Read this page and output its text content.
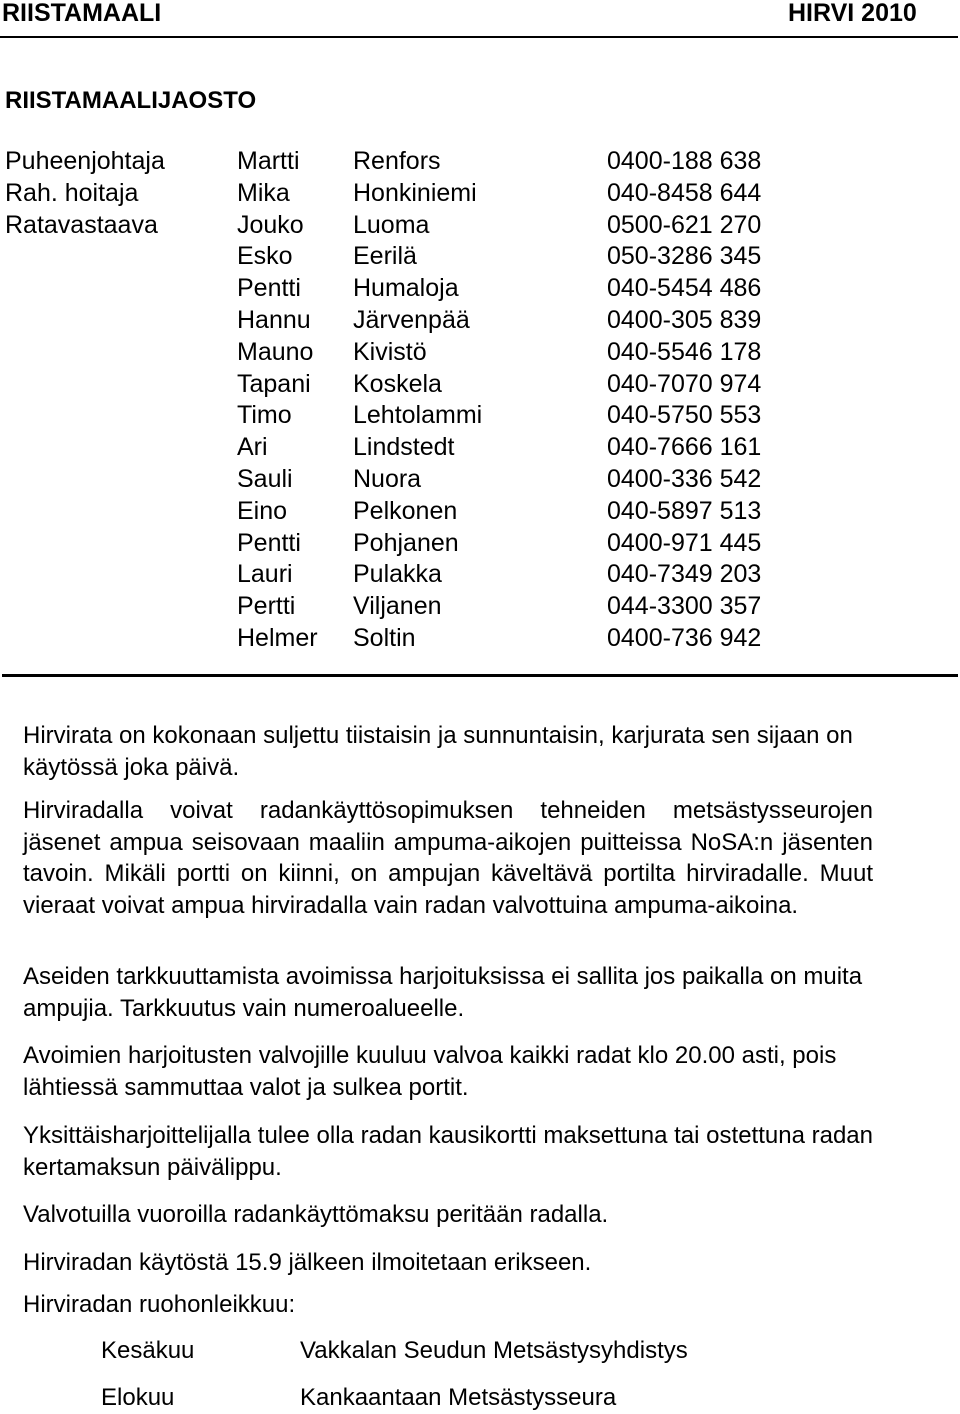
RIISTAMAALI	HIRVI 2010
RIISTAMAALIJAOSTO
Puheenjohtaja	Martti Renfors	0400-188 638
Rah. hoitaja	Mika	Honkiniemi	040-8458 644
Ratavastaava	Jouko Luoma	0500-621 270
Esko Eerilä	050-3286 345
Pentti Humaloja	040-5454 486
Hannu Järvenpää	0400-305 839
Mauno Kivistö	040-5546 178
Tapani Koskela	040-7070 974
Timo Lehtolammi	040-5750 553
Ari	Lindstedt	040-7666 161
Sauli Nuora	0400-336 542
Eino	Pelkonen	040-5897 513
Pentti Pohjanen	0400-971 445
Lauri Pulakka	040-7349 203
Pertti Viljanen	044-3300 357
Helmer Soltin	0400-736 942
Hirvirata on kokonaan suljettu tiistaisin ja sunnuntaisin, karjurata sen sijaan on käytössä joka päivä.
Hirviradalla voivat radankäyttösopimuksen tehneiden metsästysseurojen jäsenet ampua seisovaan maaliin ampuma-aikojen puitteissa NoSA:n jäsenten tavoin. Mikäli portti on kiinni, on ampujan käveltävä portilta hirviradalle. Muut vieraat voivat ampua hirviradalla vain radan valvottuina ampuma-aikoina.
Aseiden tarkkuuttamista avoimissa harjoituksissa ei sallita jos paikalla on muita ampujia. Tarkkuutus vain numeroalueelle.
Avoimien harjoitusten valvojille kuuluu valvoa kaikki radat klo 20.00 asti, pois lähtiessä sammuttaa valot ja sulkea portit.
Yksittäisharjoittelijalla tulee olla radan kausikortti maksettuna tai ostettuna radan kertamaksun päivälippu.
Valvotuilla vuoroilla radankäyttömaksu peritään radalla.
Hirviradan käytöstä 15.9 jälkeen ilmoitetaan erikseen.
Hirviradan ruohonleikkuu:
Kesäkuu	Vakkalan Seudun Metsästysyhdistys
Elokuu	Kankaantaan Metsästysseura
